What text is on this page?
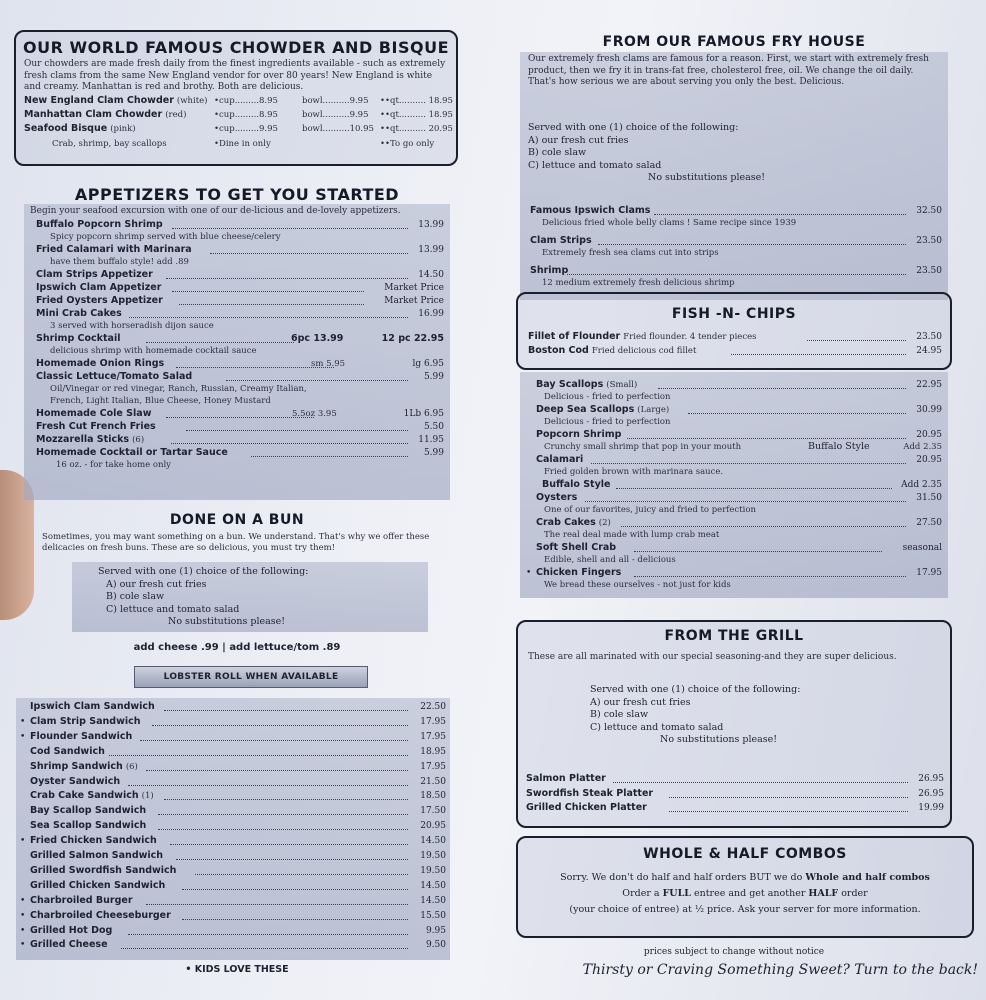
OUR WORLD FAMOUS CHOWDER AND BISQUE
Our chowders are made fresh daily from the finest ingredients available - such as extremely fresh clams from the same New England vendor for over 80 years! New England is white and creamy. Manhattan is red and brothy. Both are delicious.
New England Clam Chowder (white) •cup.........8.95	bowl..........9.95 ••qt.......... 18.95
Manhattan Clam Chowder (red)	•cup.........8.95	bowl..........9.95 ••qt.......... 18.95
Seafood Bisque (pink)	•cup.........9.95	bowl..........10.95 ••qt.......... 20.95
Crab, shrimp, bay scallops	•Dine in only	••To go only
APPETIZERS TO GET YOU STARTED
Begin your seafood excursion with one of our de-licious and de-lovely appetizers.
Buffalo Popcorn Shrimp	13.99
Spicy popcorn shrimp served with blue cheese/celery
Fried Calamari with Marinara	13.99
have them buffalo style! add .89
Clam Strips Appetizer	14.50
Ipswich Clam Appetizer	Market Price
Fried Oysters Appetizer	Market Price
Mini Crab Cakes	16.99
3 served with horseradish dijon sauce
Shrimp Cocktail	6pc 13.99	12 pc 22.95
delicious shrimp with homemade cocktail sauce
Homemade Onion Rings	sm 5.95	lg 6.95
Classic Lettuce/Tomato Salad	5.99
Oil/Vinegar or red vinegar, Ranch, Russian, Creamy Italian,
French, Light Italian, Blue Cheese, Honey Mustard
Homemade Cole Slaw	5.5oz 3.95	1Lb 6.95
Fresh Cut French Fries	5.50
Mozzarella Sticks (6)	11.95
Homemade Cocktail or Tartar Sauce	5.99
16 oz. - for take home only
DONE ON A BUN
Sometimes, you may want something on a bun. We understand. That's why we offer these delicacies on fresh buns. These are so delicious, you must try them!
Served with one (1) choice of the following:
A) our fresh cut fries
B) cole slaw
C) lettuce and tomato salad
No substitutions please!
add cheese .99 | add lettuce/tom .89
LOBSTER ROLL WHEN AVAILABLE
Ipswich Clam Sandwich	22.50
• Clam Strip Sandwich	17.95
• Flounder Sandwich	17.95
Cod Sandwich	18.95
Shrimp Sandwich (6)	17.95
Oyster Sandwich	21.50
Crab Cake Sandwich (1)	18.50
Bay Scallop Sandwich	17.50
Sea Scallop Sandwich	20.95
• Fried Chicken Sandwich	14.50
Grilled Salmon Sandwich	19.50
Grilled Swordfish Sandwich	19.50
Grilled Chicken Sandwich	14.50
• Charbroiled Burger	14.50
• Charbroiled Cheeseburger	15.50
• Grilled Hot Dog	9.95
• Grilled Cheese	9.50
• KIDS LOVE THESE
FROM OUR FAMOUS FRY HOUSE
Our extremely fresh clams are famous for a reason. First, we start with extremely fresh product, then we fry it in trans-fat free, cholesterol free, oil. We change the oil daily. That's how serious we are about serving you only the best. Delicious.
Served with one (1) choice of the following:
A) our fresh cut fries
B) cole slaw
C) lettuce and tomato salad
No substitutions please!
Famous Ipswich Clams	32.50
Delicious fried whole belly clams ! Same recipe since 1939
Clam Strips	23.50
Extremely fresh sea clams cut into strips
Shrimp	23.50
12 medium extremely fresh delicious shrimp
FISH -N- CHIPS
Fillet of Flounder Fried flounder. 4 tender pieces	23.50
Boston Cod Fried delicious cod fillet	24.95
Bay Scallops (Small)	22.95
Delicious - fried to perfection
Deep Sea Scallops (Large)	30.99
Delicious - fried to perfection
Popcorn Shrimp	20.95
Crunchy small shrimp that pop in your mouth	Buffalo Style	Add 2.35
Calamari	20.95
Fried golden brown with marinara sauce.
Buffalo Style	Add 2.35
Oysters	31.50
One of our favorites, juicy and fried to perfection
Crab Cakes (2)	27.50
The real deal made with lump crab meat
Soft Shell Crab	seasonal
Edible, shell and all - delicious
• Chicken Fingers	17.95
We bread these ourselves - not just for kids
FROM THE GRILL
These are all marinated with our special seasoning-and they are super delicious.
Served with one (1) choice of the following:
A) our fresh cut fries
B) cole slaw
C) lettuce and tomato salad
No substitutions please!
Salmon Platter	26.95
Swordfish Steak Platter	26.95
Grilled Chicken Platter	19.99
WHOLE & HALF COMBOS
Sorry. We don't do half and half orders BUT we do Whole and half combos
Order a FULL entree and get another HALF order
(your choice of entree) at ½ price. Ask your server for more information.
prices subject to change without notice
Thirsty or Craving Something Sweet? Turn to the back!
